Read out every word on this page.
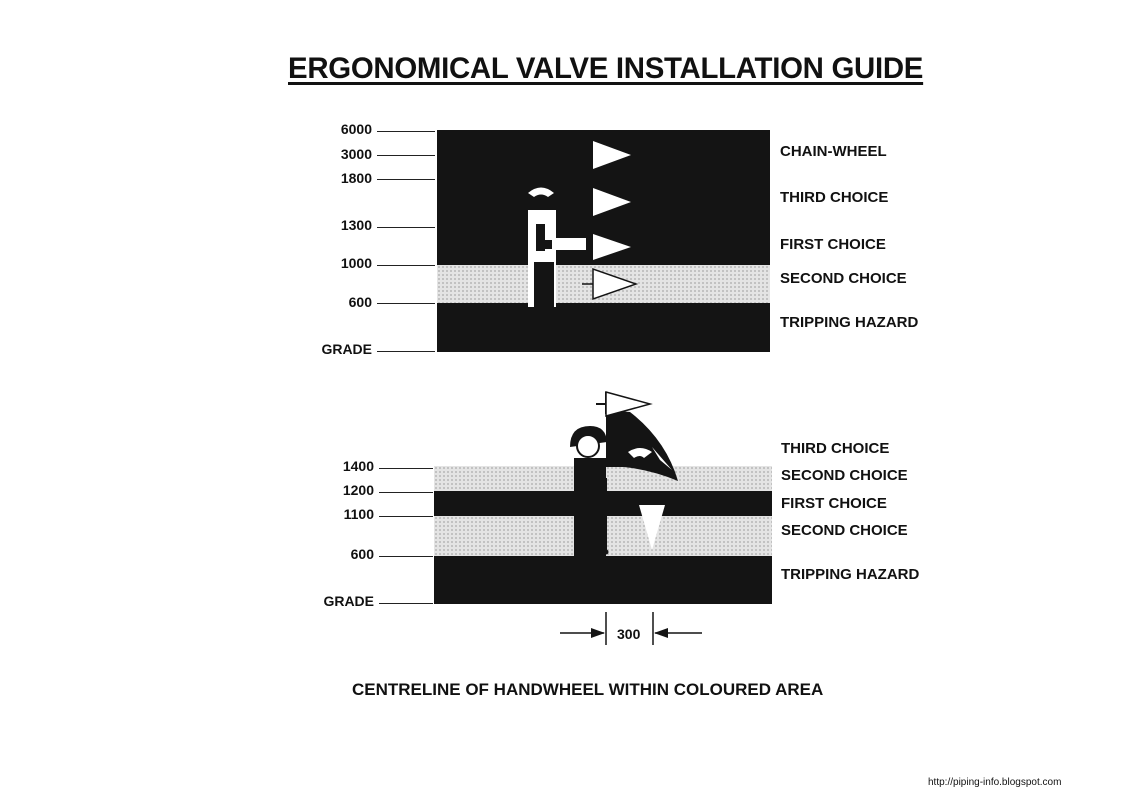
ERGONOMICAL VALVE INSTALLATION GUIDE
6000
3000
1800
1300
1000
600
GRADE
CHAIN-WHEEL
THIRD CHOICE
FIRST CHOICE
SECOND CHOICE
TRIPPING HAZARD
1400
1200
1100
600
GRADE
THIRD CHOICE
SECOND CHOICE
FIRST CHOICE
SECOND CHOICE
TRIPPING HAZARD
300
CENTRELINE OF HANDWHEEL WITHIN COLOURED AREA
http://piping-info.blogspot.com
